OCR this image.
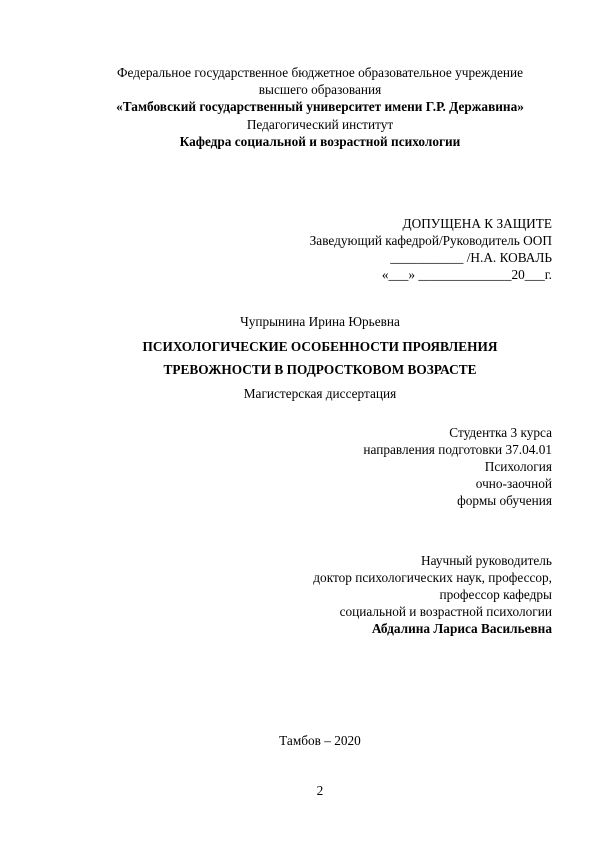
Федеральное государственное бюджетное образовательное учреждение
высшего образования
«Тамбовский государственный университет имени Г.Р. Державина»
Педагогический институт
Кафедра социальной и возрастной психологии
ДОПУЩЕНА К ЗАЩИТЕ
Заведующий кафедрой/Руководитель ООП
___________ /Н.А. КОВАЛЬ
«___» ______________20___г.
Чупрынина Ирина Юрьевна
ПСИХОЛОГИЧЕСКИЕ ОСОБЕННОСТИ ПРОЯВЛЕНИЯ
ТРЕВОЖНОСТИ В ПОДРОСТКОВОМ ВОЗРАСТЕ
Магистерская диссертация
Студентка 3 курса
направления подготовки 37.04.01
Психология
очно-заочной
формы обучения
Научный руководитель
доктор психологических наук, профессор,
профессор кафедры
социальной и возрастной психологии
Абдалина Лариса Васильевна
Тамбов – 2020
2
